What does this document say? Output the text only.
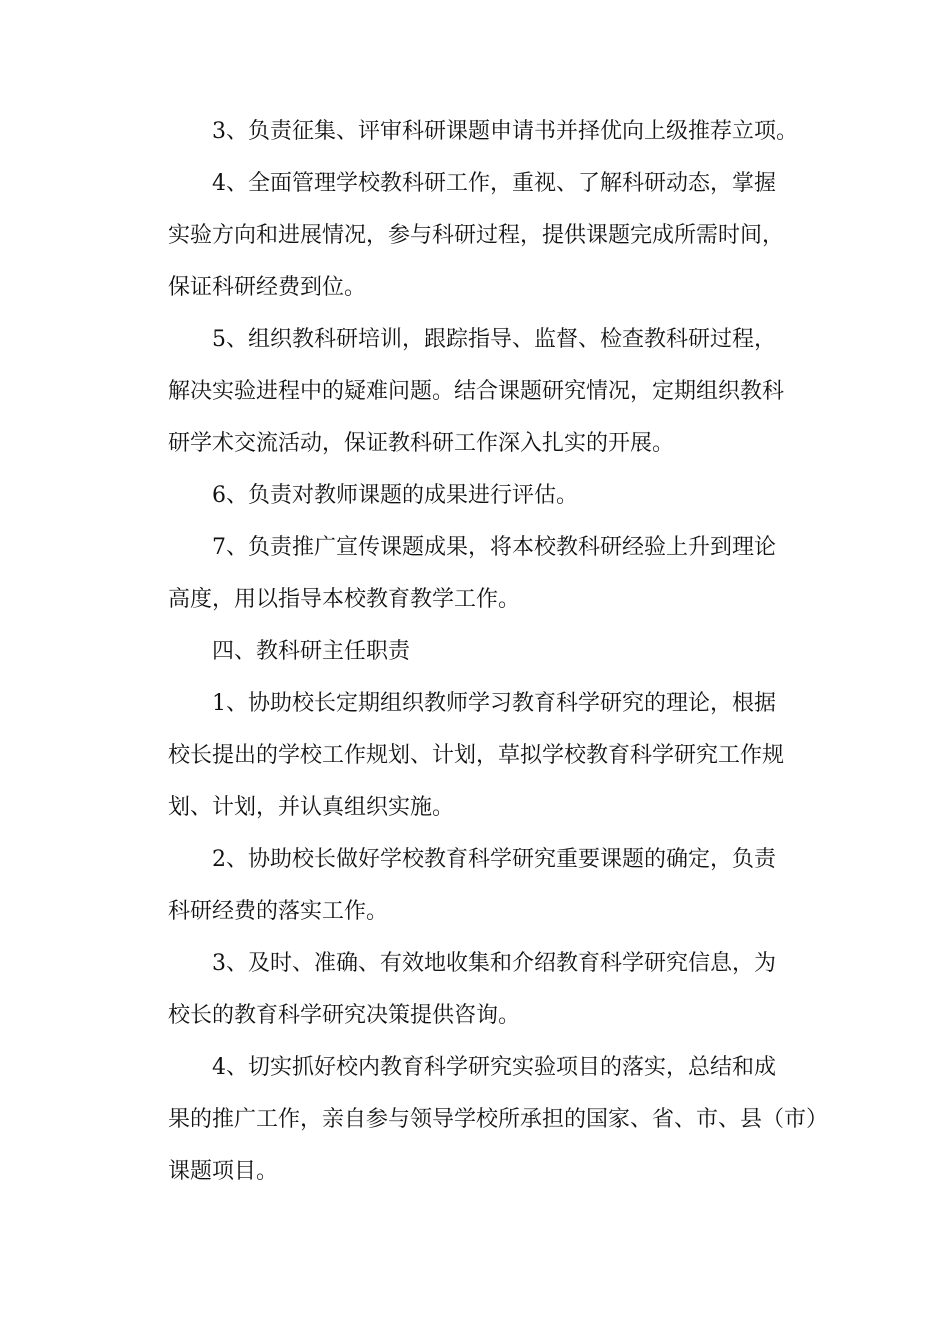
3、负责征集、评审科研课题申请书并择优向上级推荐立项。
4、全面管理学校教科研工作，重视、了解科研动态，掌握
实验方向和进展情况，参与科研过程，提供课题完成所需时间，
保证科研经费到位。
5、组织教科研培训，跟踪指导、监督、检查教科研过程，
解决实验进程中的疑难问题。结合课题研究情况，定期组织教科
研学术交流活动，保证教科研工作深入扎实的开展。
6、负责对教师课题的成果进行评估。
7、负责推广宣传课题成果，将本校教科研经验上升到理论
高度，用以指导本校教育教学工作。
四、教科研主任职责
1、协助校长定期组织教师学习教育科学研究的理论，根据
校长提出的学校工作规划、计划，草拟学校教育科学研究工作规
划、计划，并认真组织实施。
2、协助校长做好学校教育科学研究重要课题的确定，负责
科研经费的落实工作。
3、及时、准确、有效地收集和介绍教育科学研究信息，为
校长的教育科学研究决策提供咨询。
4、切实抓好校内教育科学研究实验项目的落实，总结和成
果的推广工作，亲自参与领导学校所承担的国家、省、市、县（市）
课题项目。
